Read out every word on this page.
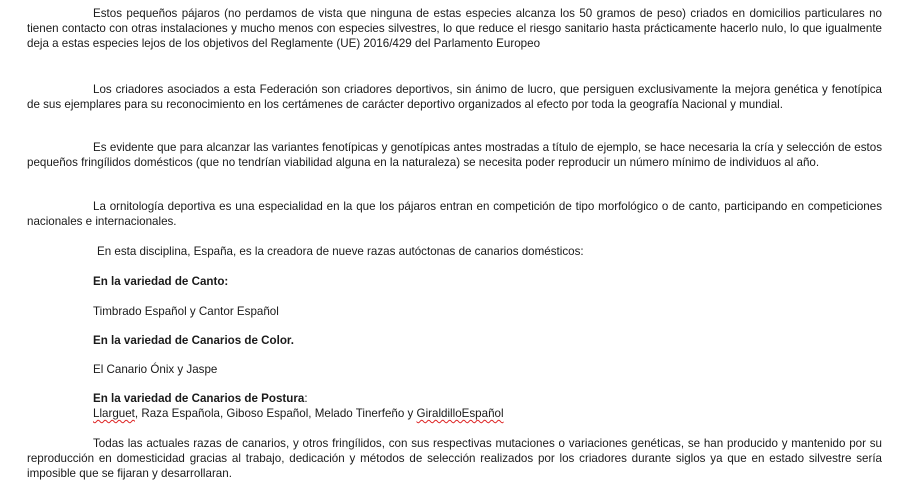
Estos pequeños pájaros (no perdamos de vista que ninguna de estas especies alcanza los 50 gramos de peso) criados en domicilios particulares no tienen contacto con otras instalaciones y mucho menos con especies silvestres, lo que reduce el riesgo sanitario hasta prácticamente hacerlo nulo, lo que igualmente deja a estas especies lejos de los objetivos del Reglamente (UE) 2016/429 del Parlamento Europeo

Los criadores asociados a esta Federación son criadores deportivos, sin ánimo de lucro, que persiguen exclusivamente la mejora genética y fenotípica de sus ejemplares para su reconocimiento en los certámenes de carácter deportivo organizados al efecto por toda la geografía Nacional y mundial.

Es evidente que para alcanzar las variantes fenotípicas y genotípicas antes mostradas a título de ejemplo, se hace necesaria la cría y selección de estos pequeños fringílidos domésticos (que no tendrían viabilidad alguna en la naturaleza) se necesita poder reproducir un número mínimo de individuos al año.

La ornitología deportiva es una especialidad en la que los pájaros entran en competición de tipo morfológico o de canto, participando en competiciones nacionales e internacionales.

En esta disciplina, España, es la creadora de nueve razas autóctonas de canarios domésticos:

En la variedad de Canto:

Timbrado Español y Cantor Español

En la variedad de Canarios de Color.

El Canario Ónix y Jaspe

En la variedad de Canarios de Postura:

Llarguet, Raza Española, Giboso Español, Melado Tinerfeño y GiraldilloEspañol

Todas las actuales razas de canarios, y otros fringílidos, con sus respectivas mutaciones o variaciones genéticas, se han producido y mantenido por su reproducción en domesticidad gracias al trabajo, dedicación y métodos de selección realizados por los criadores durante siglos ya que en estado silvestre sería imposible que se fijaran y desarrollaran.
